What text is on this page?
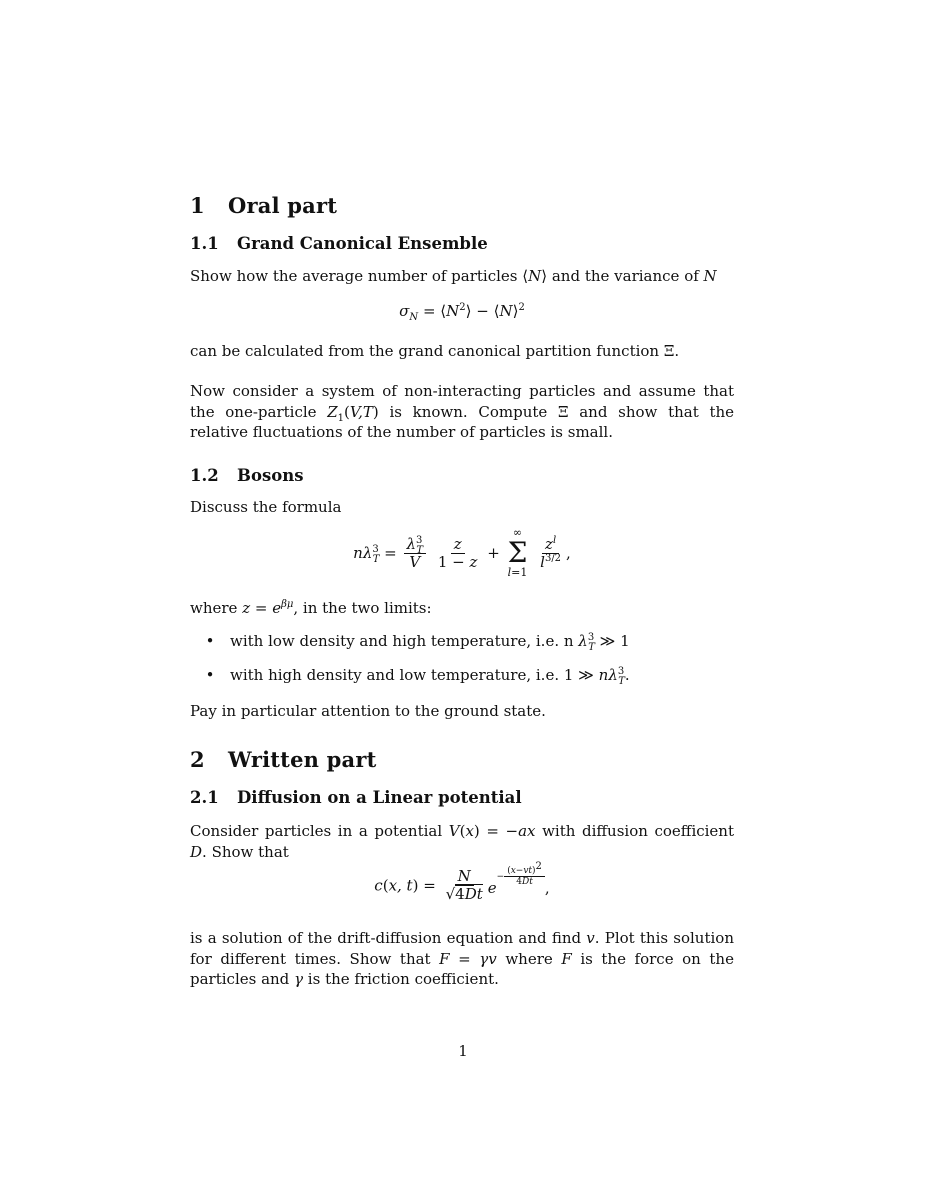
1 Oral part
1.1 Grand Canonical Ensemble
Show how the average number of particles ⟨N⟩ and the variance of N
$\sigma_N$ = $⟨N^2⟩$ − ⟨N⟩$^2$
can be calculated from the grand canonical partition function Ξ.
Now consider a system of non-interacting particles and assume that the one-particle $Z_1(V,T)$ is known. Compute Ξ and show that the relative fluctuations of the number of particles is small.
1.2 Bosons
Discuss the formula
$n\lambda^3_T = \frac{\lambda^3_T}{V}$
$\frac{z}{1 - z}$ +
∞
Σ
l=1

$\frac{z^l}{l^{3/2}}$ ,
where $z = e^{\beta\mu}$, in the two limits:
• with low density and high temperature, i.e. n $\lambda^3_T$ ≫ 1
• with high density and low temperature, i.e. 1 ≫ $n\lambda^3_T$.
Pay in particular attention to the ground state.
2 Written part
2.1 Diffusion on a Linear potential
Consider particles in a potential V(x) = −ax with diffusion coefficient D. Show that
c(x, $t) = \frac{N}{√4Dt} e^{- \frac{(x-vt)^2}{4Dt}}$
,
is a solution of the drift-diffusion equation and find v. Plot this solution for different times. Show that F = γv where F is the force on the particles and γ is the friction coefficient.
1
